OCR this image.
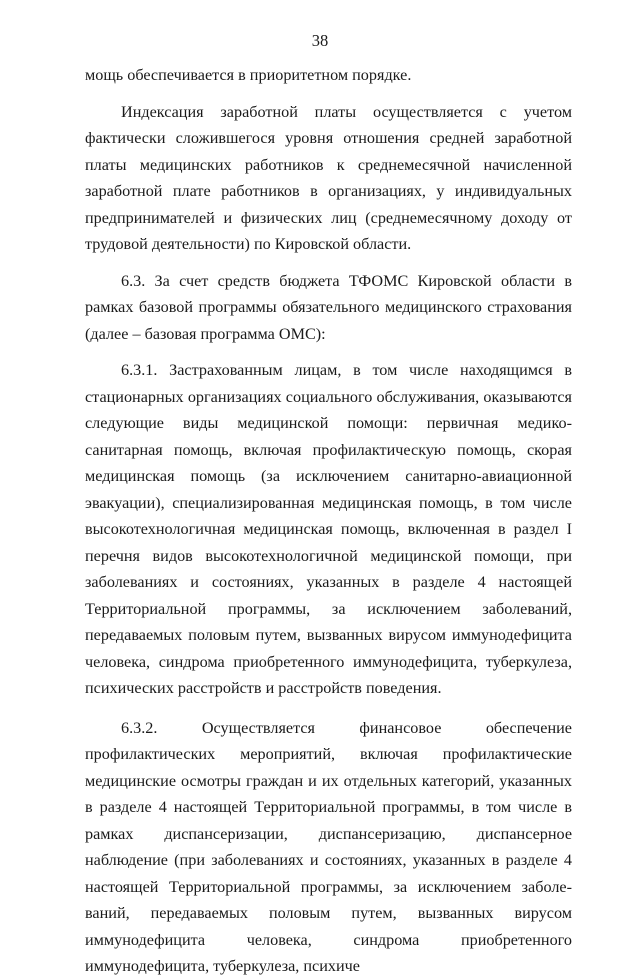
38

мощь обеспечивается в приоритетном порядке.

Индексация заработной платы осуществляется с учетом фактически сложившегося уровня отношения средней заработной платы медицинских работников к среднемесячной начисленной заработной плате работников в организациях, у индивидуальных предпринимателей и физических лиц (среднемесячному доходу от трудовой деятельности) по Кировской области.

6.3. За счет средств бюджета ТФОМС Кировской области в рамках базовой программы обязательного медицинского страхования (далее – базовая программа ОМС):

6.3.1. Застрахованным лицам, в том числе находящимся в стационарных организациях социального обслуживания, оказываются следующие виды медицинской помощи: первичная медико-санитарная помощь, включая профилактическую помощь, скорая медицинская помощь (за исключением санитарно-авиационной эвакуации), специализированная медицинская помощь, в том числе высокотехнологичная медицинская помощь, включенная в раздел I перечня видов высокотехнологичной медицинской помощи, при заболеваниях и состояниях, указанных в разделе 4 настоящей Территориальной программы, за исключением заболеваний, передаваемых половым путем, вызванных вирусом иммунодефицита человека, синдрома приобретенного иммунодефицита, туберкулеза, психических расстройств и расстройств поведения.

6.3.2. Осуществляется финансовое обеспечение профилактических мероприятий, включая профилактические медицинские осмотры граждан и их отдельных категорий, указанных в разделе 4 настоящей Территориальной программы, в том числе в рамках диспансеризации, диспансеризацию, диспансерное наблюдение (при заболеваниях и состояниях, указанных в разделе 4 настоящей Территориальной программы, за исключением заболеваний, передаваемых половым путем, вызванных вирусом иммунодефицита человека, синдрома приобретенного иммунодефицита, туберкулеза, психиче
